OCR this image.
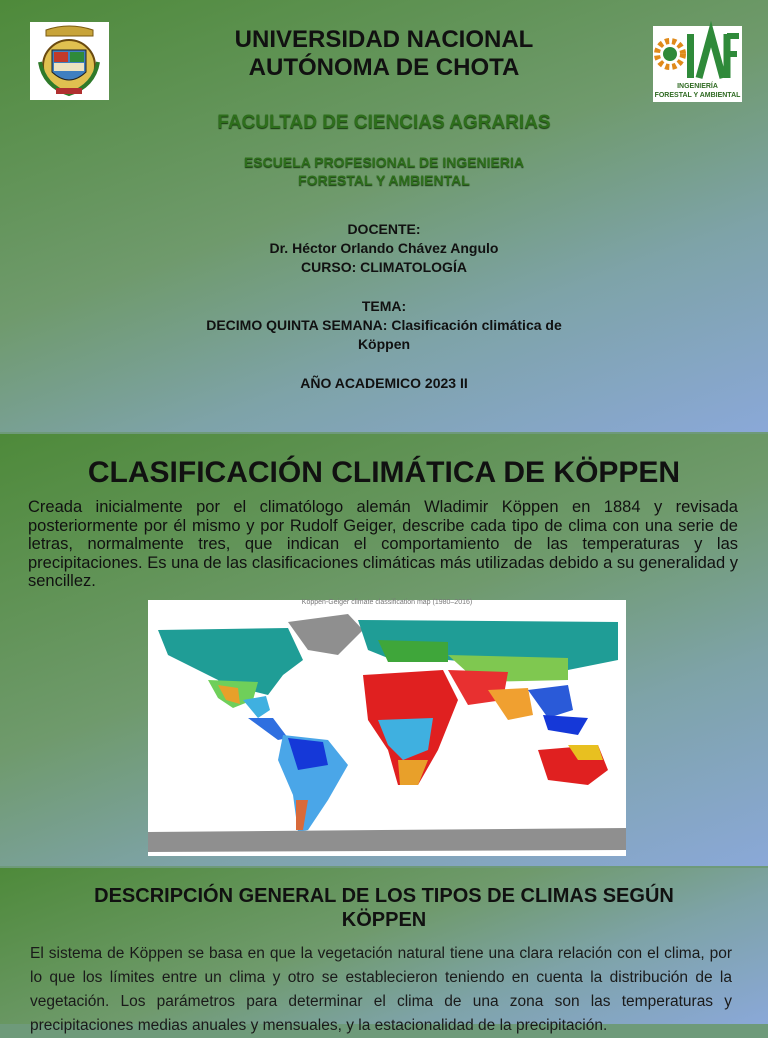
INGENIERÍA
FORESTAL Y AMBIENTAL
UNIVERSIDAD NACIONAL
AUTÓNOMA DE CHOTA
FACULTAD DE CIENCIAS AGRARIAS
ESCUELA PROFESIONAL DE INGENIERIA
FORESTAL Y AMBIENTAL
DOCENTE:
Dr. Héctor Orlando Chávez Angulo
CURSO: CLIMATOLOGÍA
TEMA:
DECIMO QUINTA SEMANA: Clasificación climática de
Köppen
AÑO ACADEMICO 2023 II
CLASIFICACIÓN CLIMÁTICA DE KÖPPEN
Creada inicialmente por el climatólogo alemán Wladimir Köppen en 1884 y revisada posteriormente por él mismo y por Rudolf Geiger, describe cada tipo de clima con una serie de letras, normalmente tres, que indican el comportamiento de las temperaturas y las precipitaciones. Es una de las clasificaciones climáticas más utilizadas debido a su generalidad y sencillez.
Köppen-Geiger climate classification map (1980–2016)
DESCRIPCIÓN GENERAL DE LOS TIPOS DE CLIMAS SEGÚN
KÖPPEN
El sistema de Köppen se basa en que la vegetación natural tiene una clara relación con el clima, por lo que los límites entre un clima y otro se establecieron teniendo en cuenta la distribución de la vegetación. Los parámetros para determinar el clima de una zona son las temperaturas y precipitaciones medias anuales y mensuales, y la estacionalidad de la precipitación.
